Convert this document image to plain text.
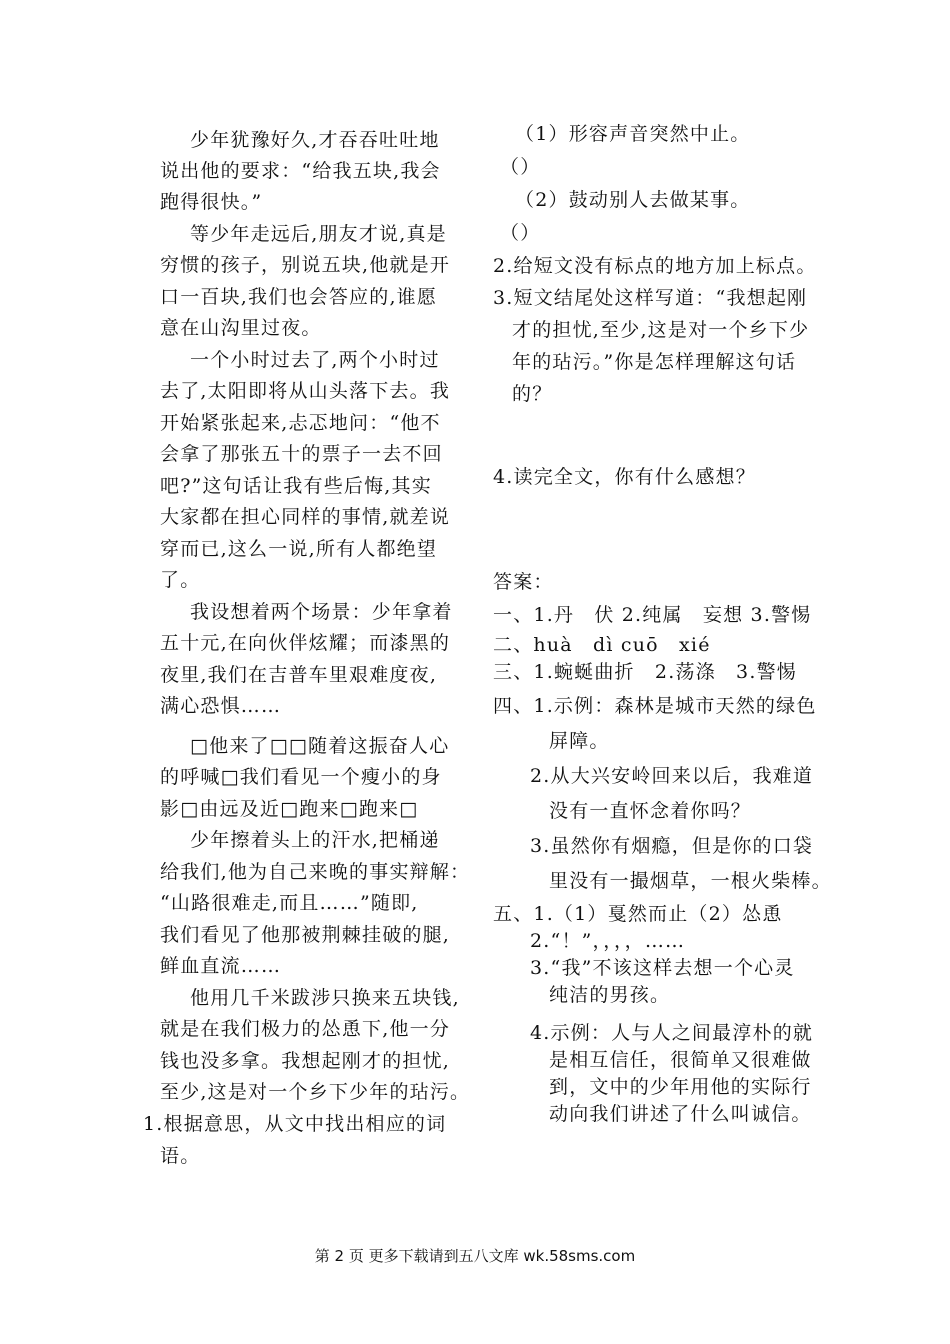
少年犹豫好久,才吞吞吐吐地
说出他的要求：“给我五块,我会
跑得很快。”
等少年走远后,朋友才说,真是
穷惯的孩子，别说五块,他就是开
口一百块,我们也会答应的,谁愿
意在山沟里过夜。
一个小时过去了,两个小时过
去了,太阳即将从山头落下去。我
开始紧张起来,忐忑地问：“他不
会拿了那张五十的票子一去不回
吧?”这句话让我有些后悔,其实
大家都在担心同样的事情,就差说
穿而已,这么一说,所有人都绝望
了。
我设想着两个场景：少年拿着
五十元,在向伙伴炫耀；而漆黑的
夜里,我们在吉普车里艰难度夜,
满心恐惧……
□他来了□□随着这振奋人心
的呼喊□我们看见一个瘦小的身
影□由远及近□跑来□跑来□
少年擦着头上的汗水,把桶递
给我们,他为自己来晚的事实辩解：
“山路很难走,而且……”随即,
我们看见了他那被荆棘挂破的腿,
鲜血直流……
他用几千米跋涉只换来五块钱,
就是在我们极力的怂恿下,他一分
钱也没多拿。我想起刚才的担忧,
至少,这是对一个乡下少年的玷污。
1.根据意思，从文中找出相应的词
语。
（1）形容声音突然中止。
（）
（2）鼓动别人去做某事。
（）
2.给短文没有标点的地方加上标点。
3.短文结尾处这样写道：“我想起刚
才的担忧,至少,这是对一个乡下少
年的玷污。”你是怎样理解这句话
的？
4.读完全文，你有什么感想？
答案：
一、1.丹　伏 2.纯属　妄想 3.警惕
二、huà　dì cuō　xié
三、1.蜿蜒曲折　2.荡涤　3.警惕
四、1.示例：森林是城市天然的绿色
屏障。
2.从大兴安岭回来以后，我难道
没有一直怀念着你吗？
3.虽然你有烟瘾，但是你的口袋
里没有一撮烟草，一根火柴棒。
五、1.（1）戛然而止（2）怂恿
2.“！”，，，，……
3.“我”不该这样去想一个心灵
纯洁的男孩。
4.示例：人与人之间最淳朴的就
是相互信任，很简单又很难做
到，文中的少年用他的实际行
动向我们讲述了什么叫诚信。
第 2 页 更多下载请到五八文库 wk.58sms.com
